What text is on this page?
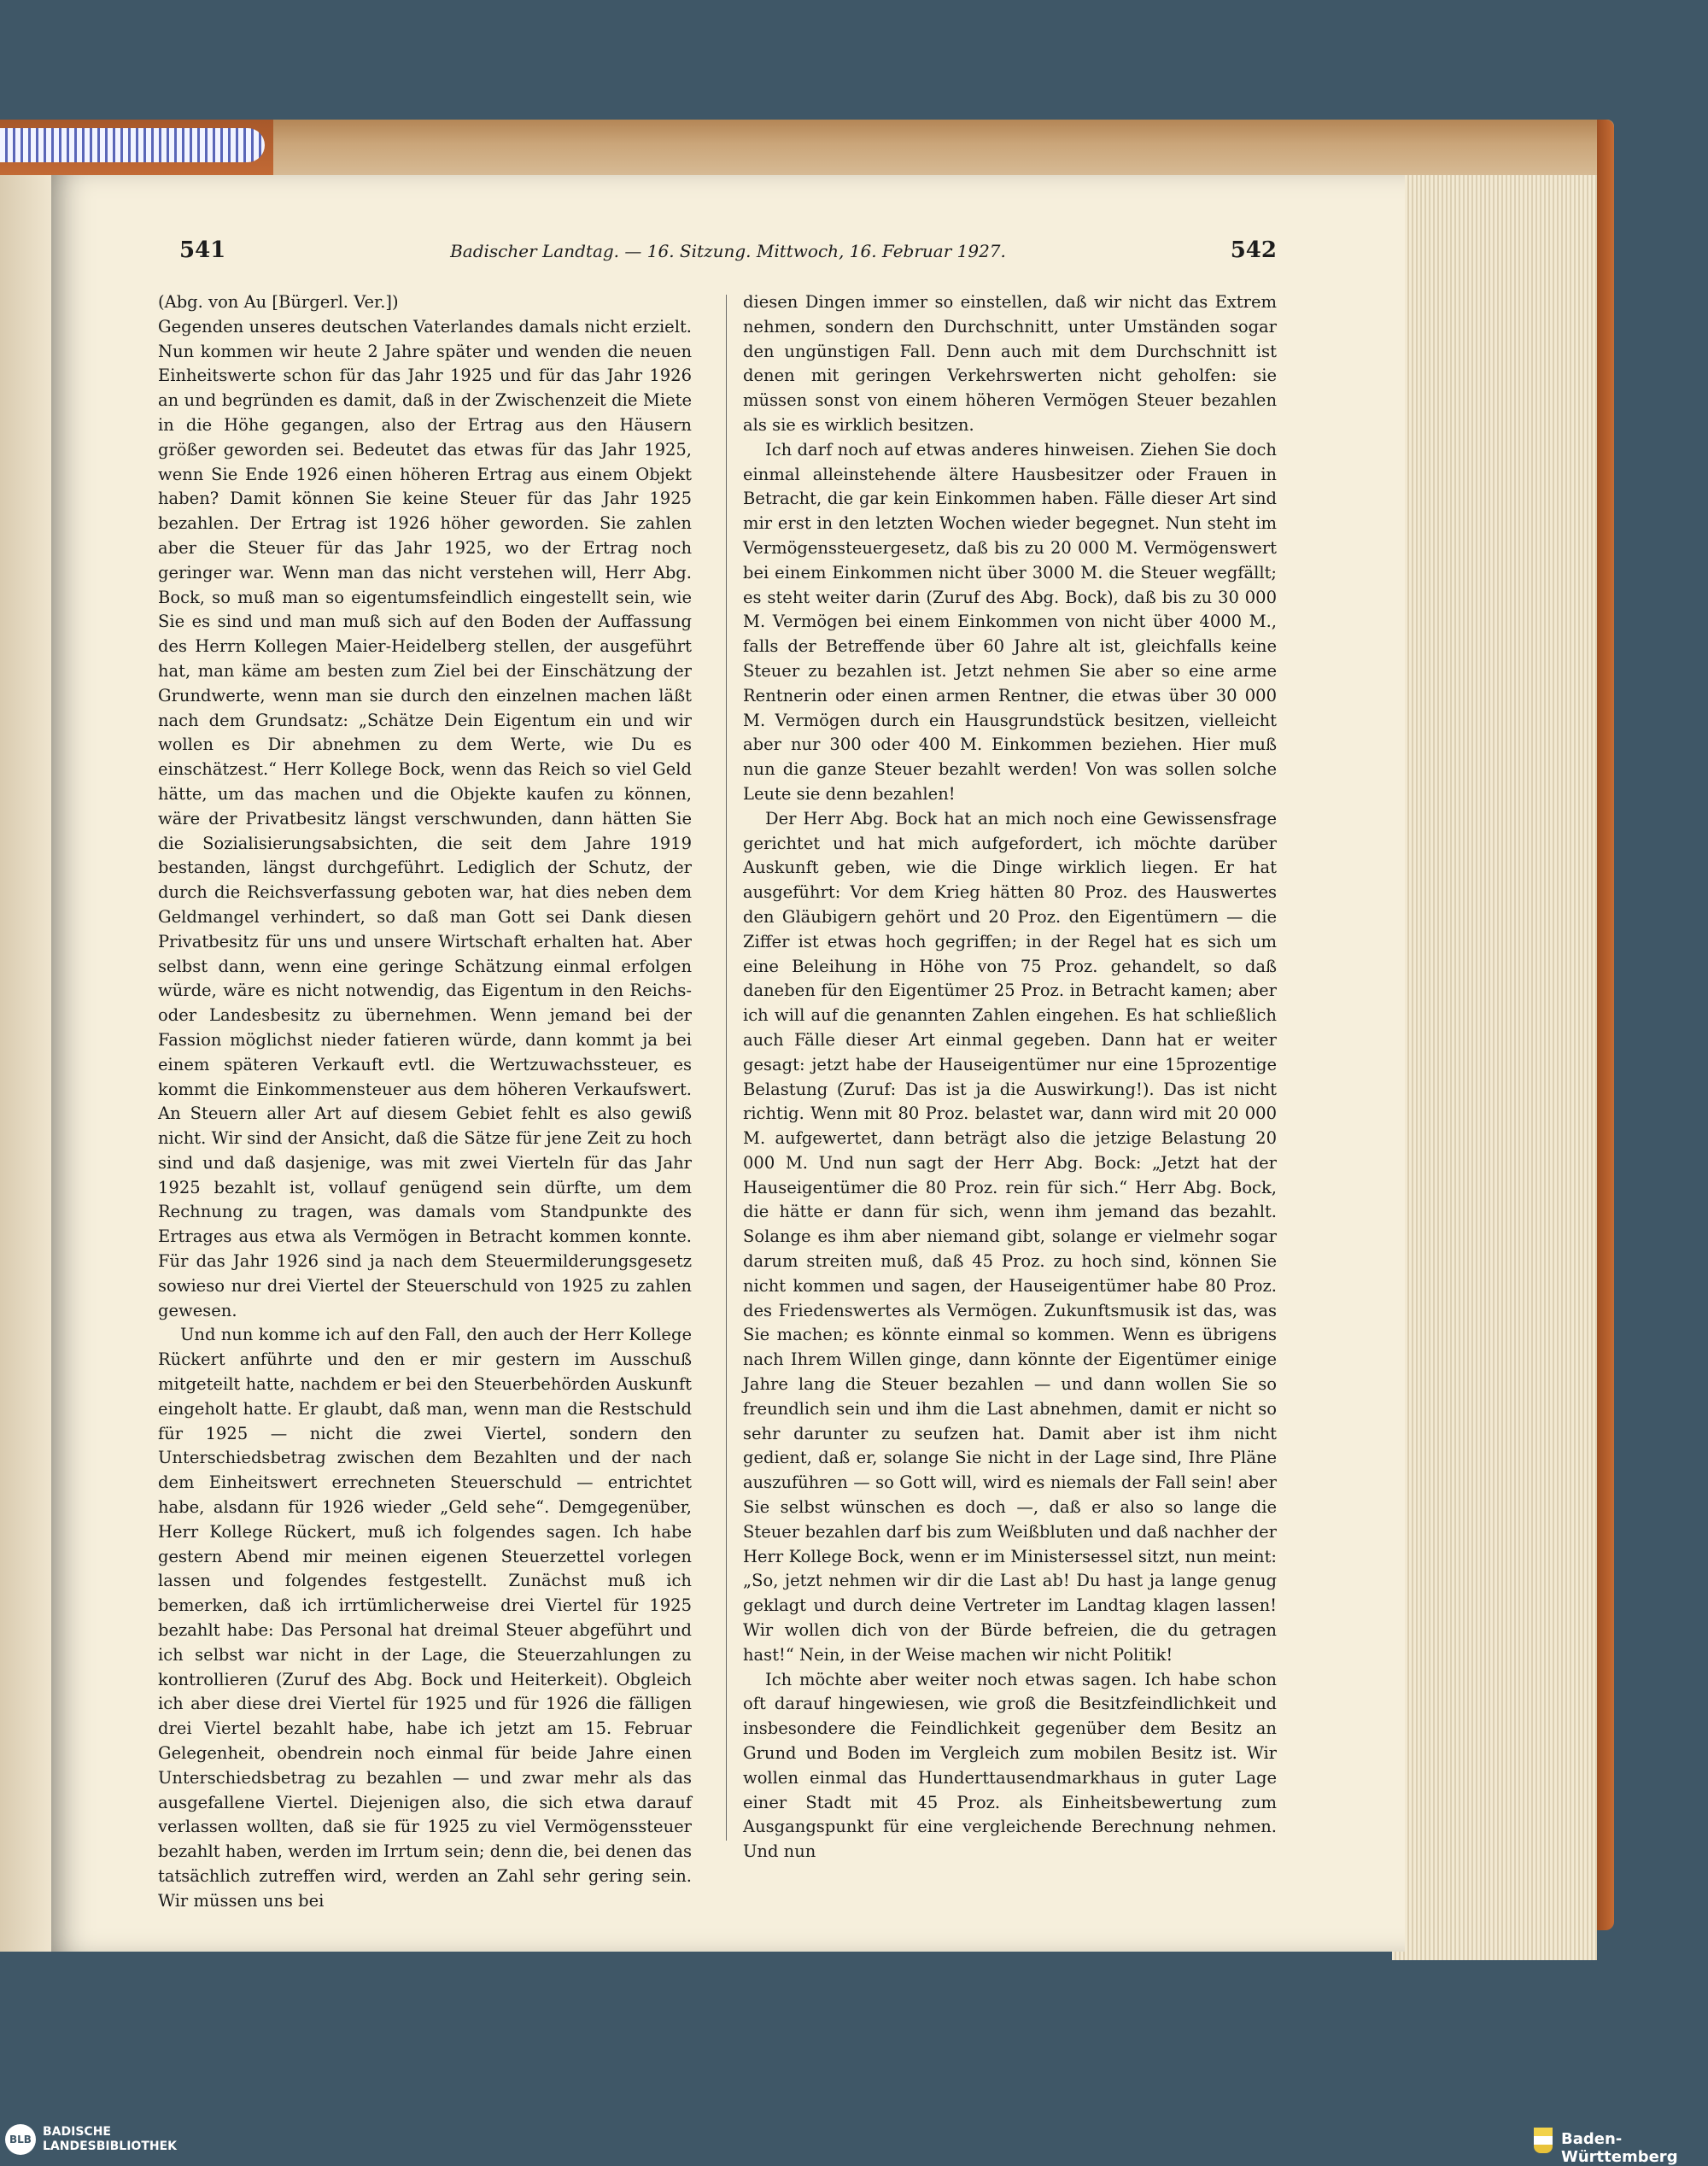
541	Badischer Landtag. — 16. Sitzung. Mittwoch, 16. Februar 1927.	542

(Abg. von Au [Bürgerl. Ver.])

Gegenden unseres deutschen Vaterlandes damals nicht erzielt. Nun kommen wir heute 2 Jahre später und wenden die neuen Einheitswerte schon für das Jahr 1925 und für das Jahr 1926 an und begründen es damit, daß in der Zwischenzeit die Miete in die Höhe gegangen, also der Ertrag aus den Häusern größer geworden sei. Bedeutet das etwas für das Jahr 1925, wenn Sie Ende 1926 einen höheren Ertrag aus einem Objekt haben? Damit können Sie keine Steuer für das Jahr 1925 bezahlen. Der Ertrag ist 1926 höher geworden. Sie zahlen aber die Steuer für das Jahr 1925, wo der Ertrag noch geringer war. Wenn man das nicht verstehen will, Herr Abg. Bock, so muß man so eigentumsfeindlich eingestellt sein, wie Sie es sind und man muß sich auf den Boden der Auffassung des Herrn Kollegen Maier-Heidelberg stellen, der ausgeführt hat, man käme am besten zum Ziel bei der Einschätzung der Grundwerte, wenn man sie durch den einzelnen machen läßt nach dem Grundsatz: „Schätze Dein Eigentum ein und wir wollen es Dir abnehmen zu dem Werte, wie Du es einschätzest.“ Herr Kollege Bock, wenn das Reich so viel Geld hätte, um das machen und die Objekte kaufen zu können, wäre der Privatbesitz längst verschwunden, dann hätten Sie die Sozialisierungsabsichten, die seit dem Jahre 1919 bestanden, längst durchgeführt. Lediglich der Schutz, der durch die Reichsverfassung geboten war, hat dies neben dem Geldmangel verhindert, so daß man Gott sei Dank diesen Privatbesitz für uns und unsere Wirtschaft erhalten hat. Aber selbst dann, wenn eine geringe Schätzung einmal erfolgen würde, wäre es nicht notwendig, das Eigentum in den Reichs- oder Landesbesitz zu übernehmen. Wenn jemand bei der Fassion möglichst nieder fatieren würde, dann kommt ja bei einem späteren Verkauft evtl. die Wertzuwachssteuer, es kommt die Einkommensteuer aus dem höheren Verkaufswert. An Steuern aller Art auf diesem Gebiet fehlt es also gewiß nicht. Wir sind der Ansicht, daß die Sätze für jene Zeit zu hoch sind und daß dasjenige, was mit zwei Vierteln für das Jahr 1925 bezahlt ist, vollauf genügend sein dürfte, um dem Rechnung zu tragen, was damals vom Standpunkte des Ertrages aus etwa als Vermögen in Betracht kommen konnte. Für das Jahr 1926 sind ja nach dem Steuermilderungsgesetz sowieso nur drei Viertel der Steuerschuld von 1925 zu zahlen gewesen.

Und nun komme ich auf den Fall, den auch der Herr Kollege Rückert anführte und den er mir gestern im Ausschuß mitgeteilt hatte, nachdem er bei den Steuerbehörden Auskunft eingeholt hatte. Er glaubt, daß man, wenn man die Restschuld für 1925 — nicht die zwei Viertel, sondern den Unterschiedsbetrag zwischen dem Bezahlten und der nach dem Einheitswert errechneten Steuerschuld — entrichtet habe, alsdann für 1926 wieder „Geld sehe“. Demgegenüber, Herr Kollege Rückert, muß ich folgendes sagen. Ich habe gestern Abend mir meinen eigenen Steuerzettel vorlegen lassen und folgendes festgestellt. Zunächst muß ich bemerken, daß ich irrtümlicherweise drei Viertel für 1925 bezahlt habe: Das Personal hat dreimal Steuer abgeführt und ich selbst war nicht in der Lage, die Steuerzahlungen zu kontrollieren (Zuruf des Abg. Bock und Heiterkeit). Obgleich ich aber diese drei Viertel für 1925 und für 1926 die fälligen drei Viertel bezahlt habe, habe ich jetzt am 15. Februar Gelegenheit, obendrein noch einmal für beide Jahre einen Unterschiedsbetrag zu bezahlen — und zwar mehr als das ausgefallene Viertel. Diejenigen also, die sich etwa darauf verlassen wollten, daß sie für 1925 zu viel Vermögenssteuer bezahlt haben, werden im Irrtum sein; denn die, bei denen das tatsächlich zutreffen wird, werden an Zahl sehr gering sein. Wir müssen uns bei

diesen Dingen immer so einstellen, daß wir nicht das Extrem nehmen, sondern den Durchschnitt, unter Umständen sogar den ungünstigen Fall. Denn auch mit dem Durchschnitt ist denen mit geringen Verkehrswerten nicht geholfen: sie müssen sonst von einem höheren Vermögen Steuer bezahlen als sie es wirklich besitzen.

Ich darf noch auf etwas anderes hinweisen. Ziehen Sie doch einmal alleinstehende ältere Hausbesitzer oder Frauen in Betracht, die gar kein Einkommen haben. Fälle dieser Art sind mir erst in den letzten Wochen wieder begegnet. Nun steht im Vermögenssteuergesetz, daß bis zu 20 000 M. Vermögenswert bei einem Einkommen nicht über 3000 M. die Steuer wegfällt; es steht weiter darin (Zuruf des Abg. Bock), daß bis zu 30 000 M. Vermögen bei einem Einkommen von nicht über 4000 M., falls der Betreffende über 60 Jahre alt ist, gleichfalls keine Steuer zu bezahlen ist. Jetzt nehmen Sie aber so eine arme Rentnerin oder einen armen Rentner, die etwas über 30 000 M. Vermögen durch ein Hausgrundstück besitzen, vielleicht aber nur 300 oder 400 M. Einkommen beziehen. Hier muß nun die ganze Steuer bezahlt werden! Von was sollen solche Leute sie denn bezahlen!

Der Herr Abg. Bock hat an mich noch eine Gewissensfrage gerichtet und hat mich aufgefordert, ich möchte darüber Auskunft geben, wie die Dinge wirklich liegen. Er hat ausgeführt: Vor dem Krieg hätten 80 Proz. des Hauswertes den Gläubigern gehört und 20 Proz. den Eigentümern — die Ziffer ist etwas hoch gegriffen; in der Regel hat es sich um eine Beleihung in Höhe von 75 Proz. gehandelt, so daß daneben für den Eigentümer 25 Proz. in Betracht kamen; aber ich will auf die genannten Zahlen eingehen. Es hat schließlich auch Fälle dieser Art einmal gegeben. Dann hat er weiter gesagt: jetzt habe der Hauseigentümer nur eine 15prozentige Belastung (Zuruf: Das ist ja die Auswirkung!). Das ist nicht richtig. Wenn mit 80 Proz. belastet war, dann wird mit 20 000 M. aufgewertet, dann beträgt also die jetzige Belastung 20 000 M. Und nun sagt der Herr Abg. Bock: „Jetzt hat der Hauseigentümer die 80 Proz. rein für sich.“ Herr Abg. Bock, die hätte er dann für sich, wenn ihm jemand das bezahlt. Solange es ihm aber niemand gibt, solange er vielmehr sogar darum streiten muß, daß 45 Proz. zu hoch sind, können Sie nicht kommen und sagen, der Hauseigentümer habe 80 Proz. des Friedenswertes als Vermögen. Zukunftsmusik ist das, was Sie machen; es könnte einmal so kommen. Wenn es übrigens nach Ihrem Willen ginge, dann könnte der Eigentümer einige Jahre lang die Steuer bezahlen — und dann wollen Sie so freundlich sein und ihm die Last abnehmen, damit er nicht so sehr darunter zu seufzen hat. Damit aber ist ihm nicht gedient, daß er, solange Sie nicht in der Lage sind, Ihre Pläne auszuführen — so Gott will, wird es niemals der Fall sein! aber Sie selbst wünschen es doch —, daß er also so lange die Steuer bezahlen darf bis zum Weißbluten und daß nachher der Herr Kollege Bock, wenn er im Ministersessel sitzt, nun meint: „So, jetzt nehmen wir dir die Last ab! Du hast ja lange genug geklagt und durch deine Vertreter im Landtag klagen lassen! Wir wollen dich von der Bürde befreien, die du getragen hast!“ Nein, in der Weise machen wir nicht Politik!

Ich möchte aber weiter noch etwas sagen. Ich habe schon oft darauf hingewiesen, wie groß die Besitzfeindlichkeit und insbesondere die Feindlichkeit gegenüber dem Besitz an Grund und Boden im Vergleich zum mobilen Besitz ist. Wir wollen einmal das Hunderttausendmarkhaus in guter Lage einer Stadt mit 45 Proz. als Einheitsbewertung zum Ausgangspunkt für eine vergleichende Berechnung nehmen. Und nun

BLB
BADISCHE
LANDESBIBLIOTHEK	Baden-Württemberg
